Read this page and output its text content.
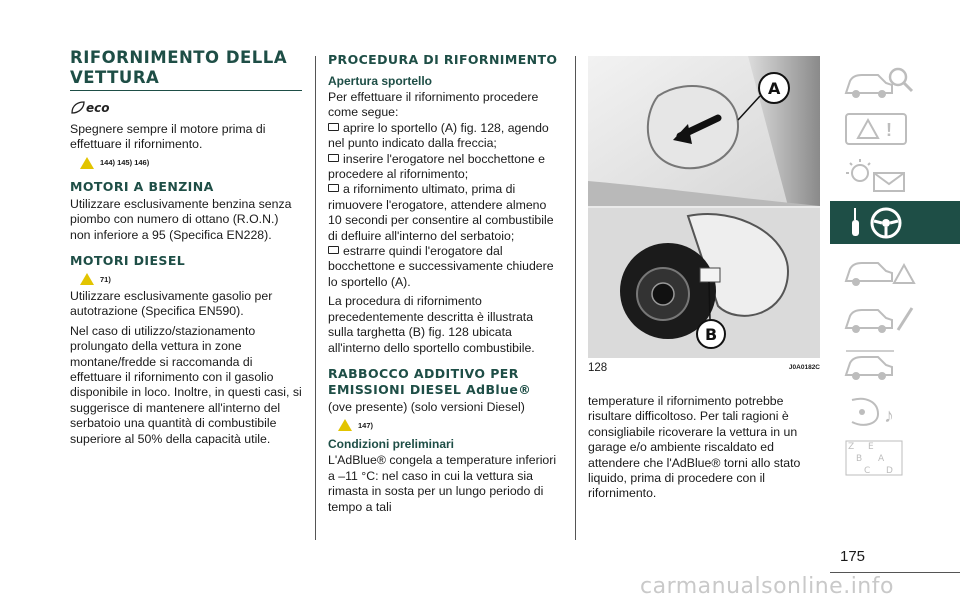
RIFORNIMENTO DELLA VETTURA
eco

Spegnere sempre il motore prima di effettuare il rifornimento.

144) 145) 146)
MOTORI A BENZINA

Utilizzare esclusivamente benzina senza piombo con numero di ottano (R.O.N.) non inferiore a 95 (Specifica EN228).

MOTORI DIESEL
71)

Utilizzare esclusivamente gasolio per autotrazione (Specifica EN590).

Nel caso di utilizzo/stazionamento prolungato della vettura in zone montane/fredde si raccomanda di effettuare il rifornimento con il gasolio disponibile in loco. Inoltre, in questi casi, si suggerisce di mantenere all'interno del serbatoio una quantità di combustibile superiore al 50% della capacità utile.

PROCEDURA DI RIFORNIMENTO
Apertura sportello

Per effettuare il rifornimento procedere come segue:

aprire lo sportello (A) fig. 128, agendo nel punto indicato dalla freccia;
inserire l'erogatore nel bocchettone e procedere al rifornimento;
a rifornimento ultimato, prima di rimuovere l'erogatore, attendere almeno 10 secondi per consentire al combustibile di defluire all'interno del serbatoio;
estrarre quindi l'erogatore dal bocchettone e successivamente chiudere lo sportello (A).

La procedura di rifornimento precedentemente descritta è illustrata sulla targhetta (B) fig. 128 ubicata all'interno dello sportello combustibile.

RABBOCCO ADDITIVO PER EMISSIONI DIESEL AdBlue®

(ove presente) (solo versioni Diesel)

147)
Condizioni preliminari

L'AdBlue® congela a temperature inferiori a –11 °C: nel caso in cui la vettura sia rimasta in sosta per un lungo periodo di tempo a tali

A
B
128	J0A0182C

temperature il rifornimento potrebbe risultare difficoltoso. Per tali ragioni è consigliabile ricoverare la vettura in un garage e/o ambiente riscaldato ed attendere che l'AdBlue® torni allo stato liquido, prima di procedere con il rifornimento.

!
♪
Z E
B A
C D
175
carmanualsonline.info
